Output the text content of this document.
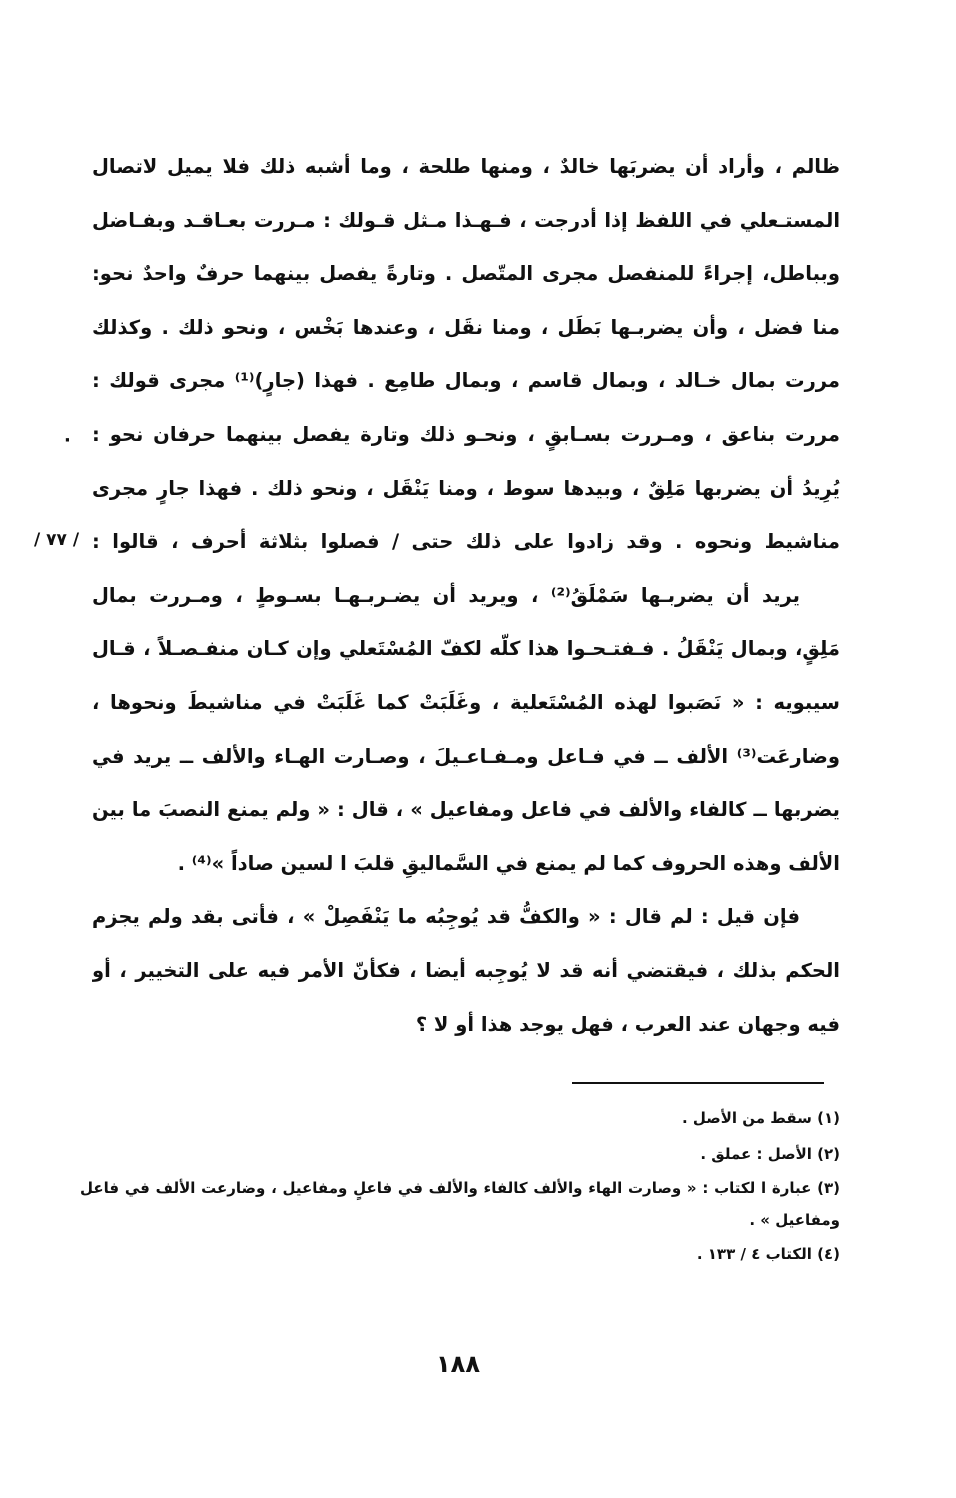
ظالم ، وأراد أن يضربَها خالدٌ ، ومنها طلحة ، وما أشبه ذلك فلا يميل لاتصال
المستـعلي في اللفظ إذا أدرجت ، فـهـذا مـثل قـولك : مـررت بعـاقـد وبفـاضل
وبباطل، إجراءً للمنفصل مجرى المتّصل . وتارةً يفصل بينهما حرفٌ واحدٌ نحو:
منا فضل ، وأن يضربـها بَطَل ، ومنا نقَل ، وعندها بَخْس ، ونحو ذلك . وكذلك
مررت بمال خـالد ، وبمال قاسم ، وبمال طامِع . فهذا (جارٍ)⁽¹⁾ مجرى قولك :
مررت بناعق ، ومـررت بسـابقٍ ، ونحـو ذلك وتارة يفصل بينهما حرفان نحو :
يُرِيدُ أن يضربها مَلِقٌ ، وبيدها سوط ، ومنا يَنْقَل ، ونحو ذلك . فهذا جارٍ مجرى
مناشيط ونحوه . وقد زادوا على ذلك حتى / فصلوا بثلاثة أحرف ، قالوا :
يريد أن يضربـها سَمْلَقُ⁽²⁾ ، ويريد أن يضـربـهـا بسـوطٍ ، ومـررت بمال
مَلِقٍ، وبمال يَنْقَلُ . فـفتـحـوا هذا كلّه لكفّ المُسْتَعلي وإن كـان منفـصـلاً ، قـال
سيبويه : « نَصَبوا لهذه المُسْتَعلية ، وغَلَبَتْ كما غَلَبَتْ في مناشيطَ ونحوها ،
وضارعَت⁽³⁾ الألف ــ في فـاعل ومـفـاعـيلَ ، وصـارت الهـاء والألف ــ يريد في
يضربها ــ كالفاء والألف في فاعل ومفاعيل » ، قال : « ولم يمنع النصبَ ما بين
الألف وهذه الحروف كما لم يمنع في السَّماليقِ قلبَ ا لسين صاداً »⁽⁴⁾ .
فإن قيل : لم قال : « والكفُّ قد يُوجِبُه ما يَنْفَصِلْ » ، فأتى بقد ولم يجزم
الحكم بذلك ، فيقتضي أنه قد لا يُوجِبه أيضا ، فكأنّ الأمر فيه على التخيير ، أو
فيه وجهان عند العرب ، فهل يوجد هذا أو لا ؟
/ ٧٧ /
·
(١) سقط من الأصل .
(٢) الأصل : عملق .
(٣) عبارة ا لكتاب : « وصارت الهاء والألف كالفاء والألف في فاعلٍ ومفاعيل ، وضارعت الألف في فاعل ومفاعيل » .
(٤) الكتاب ٤ / ١٣٣ .
١٨٨
